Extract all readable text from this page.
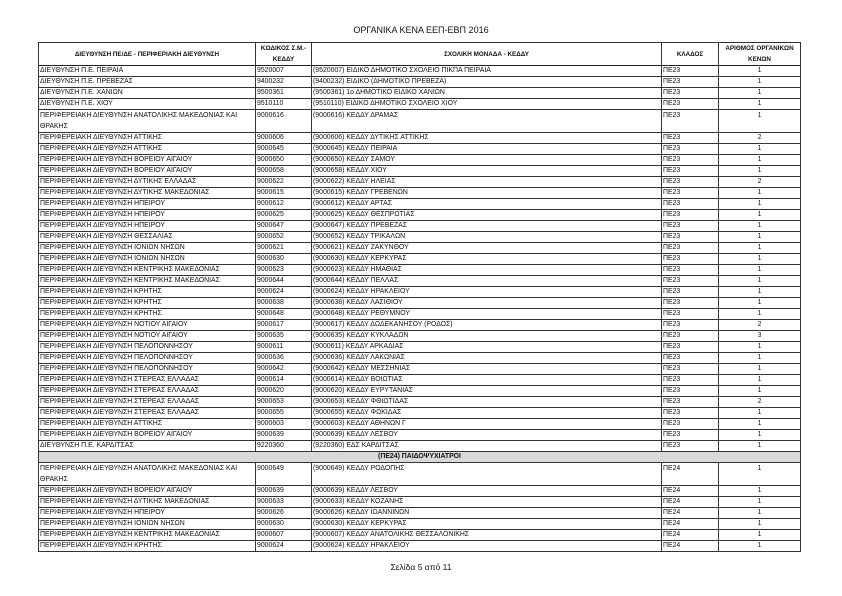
ΟΡΓΑΝΙΚΑ ΚΕΝΑ ΕΕΠ-ΕΒΠ 2016
ΔΙΕΥΘΥΝΣΗ ΠΕ/ΔΕ - ΠΕΡΙΦΕΡΙΑΚΗ ΔΙΕΥΘΥΝΣΗ	ΚΩΔΙΚΟΣ Σ.Μ.-ΚΕΔΔΥ	ΣΧΟΛΙΚΗ ΜΟΝΑΔΑ - ΚΕΔΔΥ	ΚΛΑΔΟΣ	ΑΡΙΘΜΟΣ ΟΡΓΑΝΙΚΩΝ ΚΕΝΩΝ
ΔΙΕΥΘΥΝΣΗ Π.Ε. ΠΕΙΡΑΙΑ	9520007	(9520007) ΕΙΔΙΚΟ ΔΗΜΟΤΙΚΟ ΣΧΟΛΕΙΟ ΠΙΚΠΑ ΠΕΙΡΑΙΑ	ΠΕ23	1
ΔΙΕΥΘΥΝΣΗ Π.Ε. ΠΡΕΒΕΖΑΣ	9400232	(9400232) ΕΙΔΙΚΟ (ΔΗΜΟΤΙΚΟ ΠΡΕΒΕΖΑ)	ΠΕ23	1
ΔΙΕΥΘΥΝΣΗ Π.Ε. ΧΑΝΙΩΝ	9500361	(9500361) 1ο ΔΗΜΟΤΙΚΟ ΕΙΔΙΚΟ ΧΑΝΙΩΝ	ΠΕ23	1
ΔΙΕΥΘΥΝΣΗ Π.Ε. ΧΙΟΥ	9510110	(9510110) ΕΙΔΙΚΟ ΔΗΜΟΤΙΚΟ ΣΧΟΛΕΙΟ ΧΙΟΥ	ΠΕ23	1
ΠΕΡΙΦΕΡΕΙΑΚΗ ΔΙΕΥΘΥΝΣΗ ΑΝΑΤΟΛΙΚΗΣ ΜΑΚΕΔΟΝΙΑΣ ΚΑΙ ΘΡΑΚΗΣ	9000616	(9000616) ΚΕΔΔΥ ΔΡΑΜΑΣ	ΠΕ23	1
ΠΕΡΙΦΕΡΕΙΑΚΗ ΔΙΕΥΘΥΝΣΗ ΑΤΤΙΚΗΣ	9000606	(9000606) ΚΕΔΔΥ ΔΥΤΙΚΗΣ ΑΤΤΙΚΗΣ	ΠΕ23	2
ΠΕΡΙΦΕΡΕΙΑΚΗ ΔΙΕΥΘΥΝΣΗ ΑΤΤΙΚΗΣ	9000645	(9000645) ΚΕΔΔΥ ΠΕΙΡΑΙΑ	ΠΕ23	1
ΠΕΡΙΦΕΡΕΙΑΚΗ ΔΙΕΥΘΥΝΣΗ ΒΟΡΕΙΟΥ ΑΙΓΑΙΟΥ	9000650	(9000650) ΚΕΔΔΥ ΣΑΜΟΥ	ΠΕ23	1
ΠΕΡΙΦΕΡΕΙΑΚΗ ΔΙΕΥΘΥΝΣΗ ΒΟΡΕΙΟΥ ΑΙΓΑΙΟΥ	9000658	(9000658) ΚΕΔΔΥ ΧΙΟΥ	ΠΕ23	1
ΠΕΡΙΦΕΡΕΙΑΚΗ ΔΙΕΥΘΥΝΣΗ ΔΥΤΙΚΗΣ ΕΛΛΑΔΑΣ	9000622	(9000622) ΚΕΔΔΥ ΗΛΕΙΑΣ	ΠΕ23	2
ΠΕΡΙΦΕΡΕΙΑΚΗ ΔΙΕΥΘΥΝΣΗ ΔΥΤΙΚΗΣ ΜΑΚΕΔΟΝΙΑΣ	9000615	(9000615) ΚΕΔΔΥ ΓΡΕΒΕΝΩΝ	ΠΕ23	1
ΠΕΡΙΦΕΡΕΙΑΚΗ ΔΙΕΥΘΥΝΣΗ ΗΠΕΙΡΟΥ	9000612	(9000612) ΚΕΔΔΥ ΑΡΤΑΣ	ΠΕ23	1
ΠΕΡΙΦΕΡΕΙΑΚΗ ΔΙΕΥΘΥΝΣΗ ΗΠΕΙΡΟΥ	9000625	(9000625) ΚΕΔΔΥ ΘΕΣΠΡΩΤΙΑΣ	ΠΕ23	1
ΠΕΡΙΦΕΡΕΙΑΚΗ ΔΙΕΥΘΥΝΣΗ ΗΠΕΙΡΟΥ	9000647	(9000647) ΚΕΔΔΥ ΠΡΕΒΕΖΑΣ	ΠΕ23	1
ΠΕΡΙΦΕΡΕΙΑΚΗ ΔΙΕΥΘΥΝΣΗ ΘΕΣΣΑΛΙΑΣ	9000652	(9000652) ΚΕΔΔΥ ΤΡΙΚΑΛΩΝ	ΠΕ23	1
ΠΕΡΙΦΕΡΕΙΑΚΗ ΔΙΕΥΘΥΝΣΗ ΙΟΝΙΩΝ ΝΗΣΩΝ	9000621	(9000621) ΚΕΔΔΥ ΖΑΚΥΝΘΟΥ	ΠΕ23	1
ΠΕΡΙΦΕΡΕΙΑΚΗ ΔΙΕΥΘΥΝΣΗ ΙΟΝΙΩΝ ΝΗΣΩΝ	9000630	(9000630) ΚΕΔΔΥ ΚΕΡΚΥΡΑΣ	ΠΕ23	1
ΠΕΡΙΦΕΡΕΙΑΚΗ ΔΙΕΥΘΥΝΣΗ ΚΕΝΤΡΙΚΗΣ ΜΑΚΕΔΟΝΙΑΣ	9000623	(9000623) ΚΕΔΔΥ ΗΜΑΘΙΑΣ	ΠΕ23	1
ΠΕΡΙΦΕΡΕΙΑΚΗ ΔΙΕΥΘΥΝΣΗ ΚΕΝΤΡΙΚΗΣ ΜΑΚΕΔΟΝΙΑΣ	9000644	(9000644) ΚΕΔΔΥ ΠΕΛΛΑΣ	ΠΕ23	1
ΠΕΡΙΦΕΡΕΙΑΚΗ ΔΙΕΥΘΥΝΣΗ ΚΡΗΤΗΣ	9000624	(9000624) ΚΕΔΔΥ ΗΡΑΚΛΕΙΟΥ	ΠΕ23	1
ΠΕΡΙΦΕΡΕΙΑΚΗ ΔΙΕΥΘΥΝΣΗ ΚΡΗΤΗΣ	9000638	(9000638) ΚΕΔΔΥ ΛΑΣΙΘΙΟΥ	ΠΕ23	1
ΠΕΡΙΦΕΡΕΙΑΚΗ ΔΙΕΥΘΥΝΣΗ ΚΡΗΤΗΣ	9000648	(9000648) ΚΕΔΔΥ ΡΕΘΥΜΝΟΥ	ΠΕ23	1
ΠΕΡΙΦΕΡΕΙΑΚΗ ΔΙΕΥΘΥΝΣΗ ΝΟΤΙΟΥ ΑΙΓΑΙΟΥ	9000617	(9000617) ΚΕΔΔΥ ΔΩΔΕΚΑΝΗΣΟΥ (ΡΟΔΟΣ)	ΠΕ23	2
ΠΕΡΙΦΕΡΕΙΑΚΗ ΔΙΕΥΘΥΝΣΗ ΝΟΤΙΟΥ ΑΙΓΑΙΟΥ	9000635	(9000635) ΚΕΔΔΥ ΚΥΚΛΑΔΩΝ	ΠΕ23	3
ΠΕΡΙΦΕΡΕΙΑΚΗ ΔΙΕΥΘΥΝΣΗ ΠΕΛΟΠΟΝΝΗΣΟΥ	9000611	(9000611) ΚΕΔΔΥ ΑΡΚΑΔΙΑΣ	ΠΕ23	1
ΠΕΡΙΦΕΡΕΙΑΚΗ ΔΙΕΥΘΥΝΣΗ ΠΕΛΟΠΟΝΝΗΣΟΥ	9000636	(9000636) ΚΕΔΔΥ ΛΑΚΩΝΙΑΣ	ΠΕ23	1
ΠΕΡΙΦΕΡΕΙΑΚΗ ΔΙΕΥΘΥΝΣΗ ΠΕΛΟΠΟΝΝΗΣΟΥ	9000642	(9000642) ΚΕΔΔΥ ΜΕΣΣΗΝΙΑΣ	ΠΕ23	1
ΠΕΡΙΦΕΡΕΙΑΚΗ ΔΙΕΥΘΥΝΣΗ ΣΤΕΡΕΑΣ ΕΛΛΑΔΑΣ	9000614	(9000614) ΚΕΔΔΥ ΒΟΙΩΤΙΑΣ	ΠΕ23	1
ΠΕΡΙΦΕΡΕΙΑΚΗ ΔΙΕΥΘΥΝΣΗ ΣΤΕΡΕΑΣ ΕΛΛΑΔΑΣ	9000620	(9000620) ΚΕΔΔΥ ΕΥΡΥΤΑΝΙΑΣ	ΠΕ23	1
ΠΕΡΙΦΕΡΕΙΑΚΗ ΔΙΕΥΘΥΝΣΗ ΣΤΕΡΕΑΣ ΕΛΛΑΔΑΣ	9000653	(9000653) ΚΕΔΔΥ ΦΘΙΩΤΙΔΑΣ	ΠΕ23	2
ΠΕΡΙΦΕΡΕΙΑΚΗ ΔΙΕΥΘΥΝΣΗ ΣΤΕΡΕΑΣ ΕΛΛΑΔΑΣ	9000655	(9000655) ΚΕΔΔΥ ΦΩΚΙΔΑΣ	ΠΕ23	1
ΠΕΡΙΦΕΡΕΙΑΚΗ ΔΙΕΥΘΥΝΣΗ ΑΤΤΙΚΗΣ	9000603	(9000603) ΚΕΔΔΥ ΑΘΗΝΩΝ Γ	ΠΕ23	1
ΠΕΡΙΦΕΡΕΙΑΚΗ ΔΙΕΥΘΥΝΣΗ ΒΟΡΕΙΟΥ ΑΙΓΑΙΟΥ	9000639	(9000639) ΚΕΔΔΥ ΛΕΣΒΟΥ	ΠΕ23	1
ΔΙΕΥΘΥΝΣΗ Π.Ε. ΚΑΡΔΙΤΣΑΣ	9220360	(9220360) ΕΔΣ ΚΑΡΔΙΤΣΑΣ	ΠΕ23	1
(ΠΕ24) ΠΑΙΔΟΨΥΧΙΑΤΡΟΙ				
ΠΕΡΙΦΕΡΕΙΑΚΗ ΔΙΕΥΘΥΝΣΗ ΑΝΑΤΟΛΙΚΗΣ ΜΑΚΕΔΟΝΙΑΣ ΚΑΙ ΘΡΑΚΗΣ	9000649	(9000649) ΚΕΔΔΥ ΡΟΔΟΠΗΣ	ΠΕ24	1
ΠΕΡΙΦΕΡΕΙΑΚΗ ΔΙΕΥΘΥΝΣΗ ΒΟΡΕΙΟΥ ΑΙΓΑΙΟΥ	9000639	(9000639) ΚΕΔΔΥ ΛΕΣΒΟΥ	ΠΕ24	1
ΠΕΡΙΦΕΡΕΙΑΚΗ ΔΙΕΥΘΥΝΣΗ ΔΥΤΙΚΗΣ ΜΑΚΕΔΟΝΙΑΣ	9000633	(9000633) ΚΕΔΔΥ ΚΟΖΑΝΗΣ	ΠΕ24	1
ΠΕΡΙΦΕΡΕΙΑΚΗ ΔΙΕΥΘΥΝΣΗ ΗΠΕΙΡΟΥ	9000626	(9000626) ΚΕΔΔΥ ΙΩΑΝΝΙΝΩΝ	ΠΕ24	1
ΠΕΡΙΦΕΡΕΙΑΚΗ ΔΙΕΥΘΥΝΣΗ ΙΟΝΙΩΝ ΝΗΣΩΝ	9000630	(9000630) ΚΕΔΔΥ ΚΕΡΚΥΡΑΣ	ΠΕ24	1
ΠΕΡΙΦΕΡΕΙΑΚΗ ΔΙΕΥΘΥΝΣΗ ΚΕΝΤΡΙΚΗΣ ΜΑΚΕΔΟΝΙΑΣ	9000607	(9000607) ΚΕΔΔΥ ΑΝΑΤΟΛΙΚΗΣ ΘΕΣΣΑΛΟΝΙΚΗΣ	ΠΕ24	1
ΠΕΡΙΦΕΡΕΙΑΚΗ ΔΙΕΥΘΥΝΣΗ ΚΡΗΤΗΣ	9000624	(9000624) ΚΕΔΔΥ ΗΡΑΚΛΕΙΟΥ	ΠΕ24	1
Σελίδα 5 από 11
